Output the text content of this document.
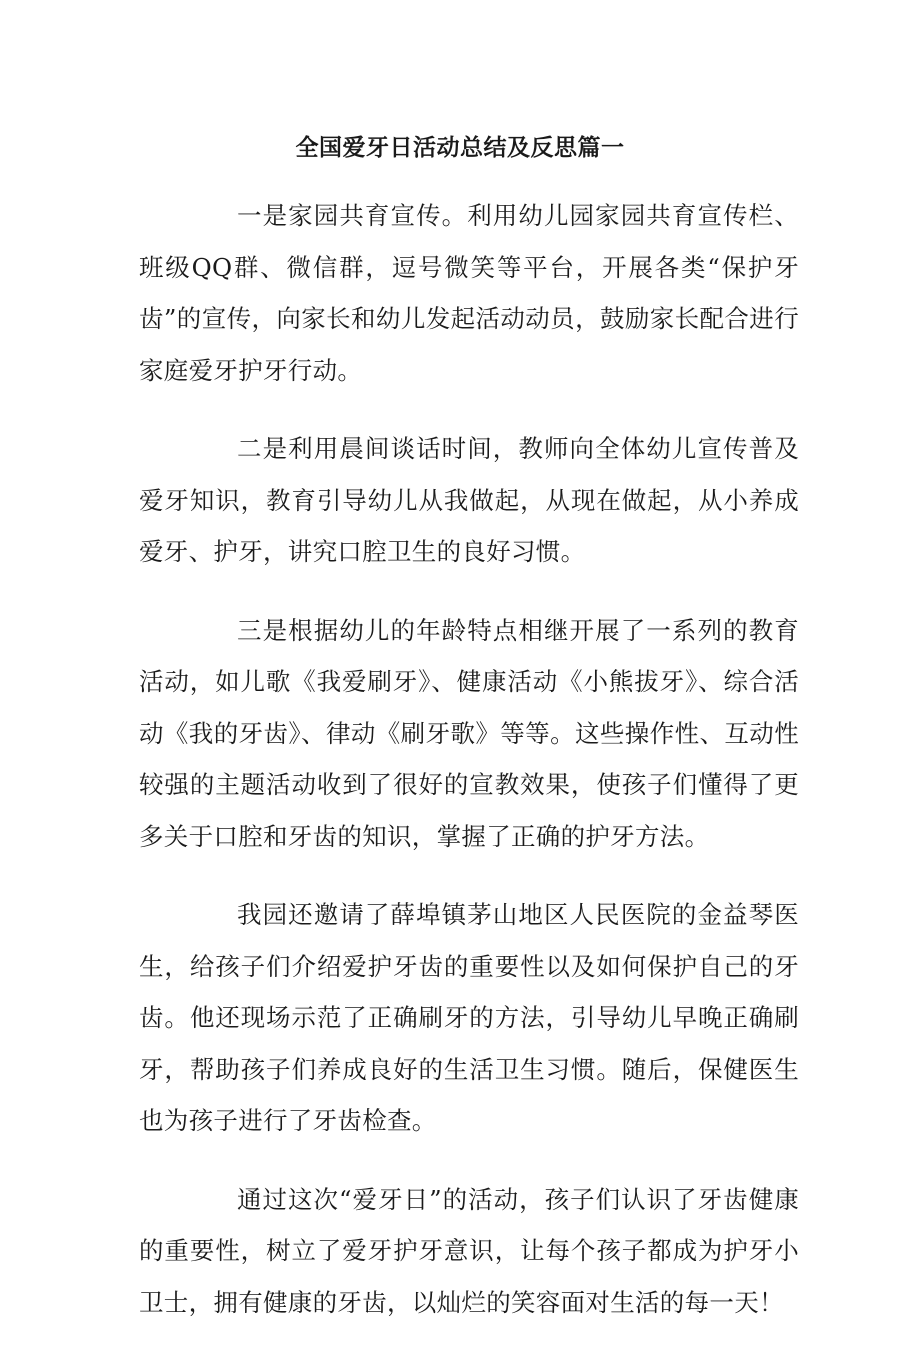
全国爱牙日活动总结及反思篇一

一是家园共育宣传。利用幼儿园家园共育宣传栏、班级QQ群、微信群，逗号微笑等平台，开展各类“保护牙齿”的宣传，向家长和幼儿发起活动动员，鼓励家长配合进行家庭爱牙护牙行动。

二是利用晨间谈话时间，教师向全体幼儿宣传普及爱牙知识，教育引导幼儿从我做起，从现在做起，从小养成爱牙、护牙，讲究口腔卫生的良好习惯。

三是根据幼儿的年龄特点相继开展了一系列的教育活动，如儿歌《我爱刷牙》、健康活动《小熊拔牙》、综合活动《我的牙齿》、律动《刷牙歌》等等。这些操作性、互动性较强的主题活动收到了很好的宣教效果，使孩子们懂得了更多关于口腔和牙齿的知识，掌握了正确的护牙方法。

我园还邀请了薛埠镇茅山地区人民医院的金益琴医生，给孩子们介绍爱护牙齿的重要性以及如何保护自己的牙齿。他还现场示范了正确刷牙的方法，引导幼儿早晚正确刷牙，帮助孩子们养成良好的生活卫生习惯。随后，保健医生也为孩子进行了牙齿检查。

通过这次“爱牙日”的活动，孩子们认识了牙齿健康的重要性，树立了爱牙护牙意识，让每个孩子都成为护牙小卫士，拥有健康的牙齿，以灿烂的笑容面对生活的每一天！
